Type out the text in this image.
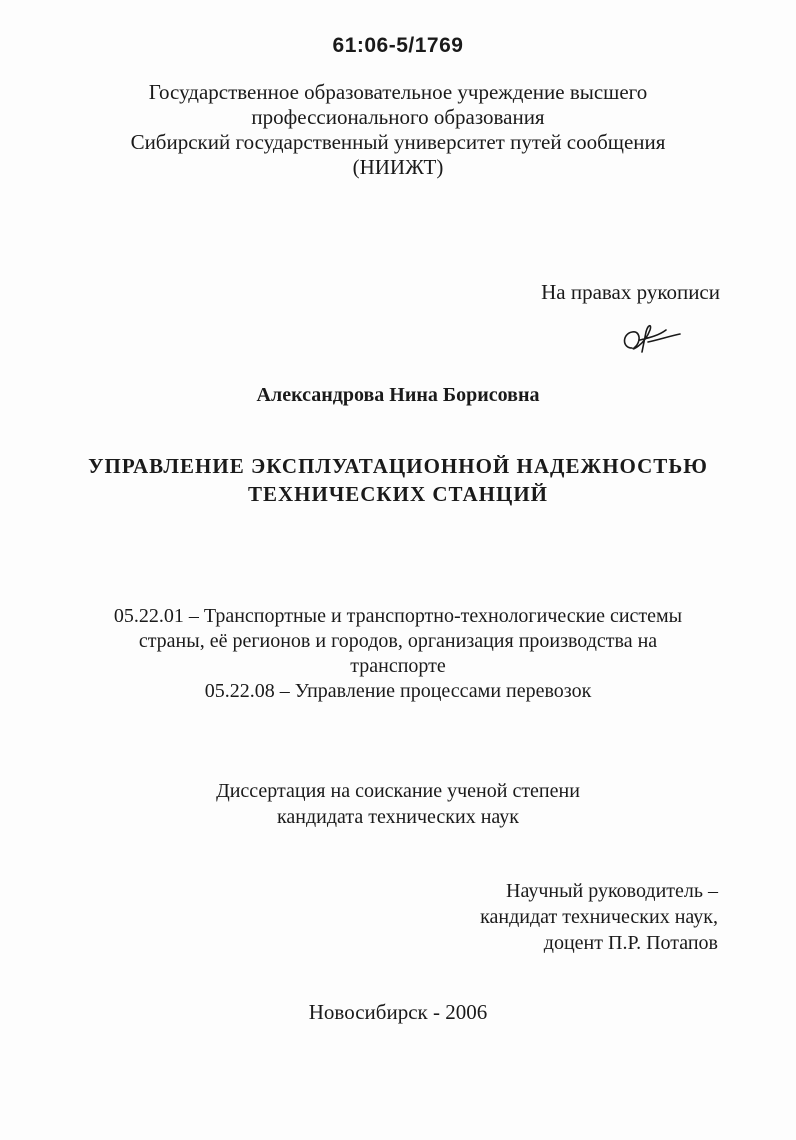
61:06-5/1769
Государственное образовательное учреждение высшего
профессионального образования
Сибирский государственный университет путей сообщения
(НИИЖТ)
На правах рукописи
Александрова Нина Борисовна
УПРАВЛЕНИЕ ЭКСПЛУАТАЦИОННОЙ НАДЕЖНОСТЬЮ
ТЕХНИЧЕСКИХ СТАНЦИЙ
05.22.01 – Транспортные и транспортно-технологические системы
страны, её регионов и городов, организация производства на
транспорте
05.22.08 – Управление процессами перевозок
Диссертация на соискание ученой степени
кандидата технических наук
Научный руководитель –
кандидат технических наук,
доцент П.Р. Потапов
Новосибирск - 2006
